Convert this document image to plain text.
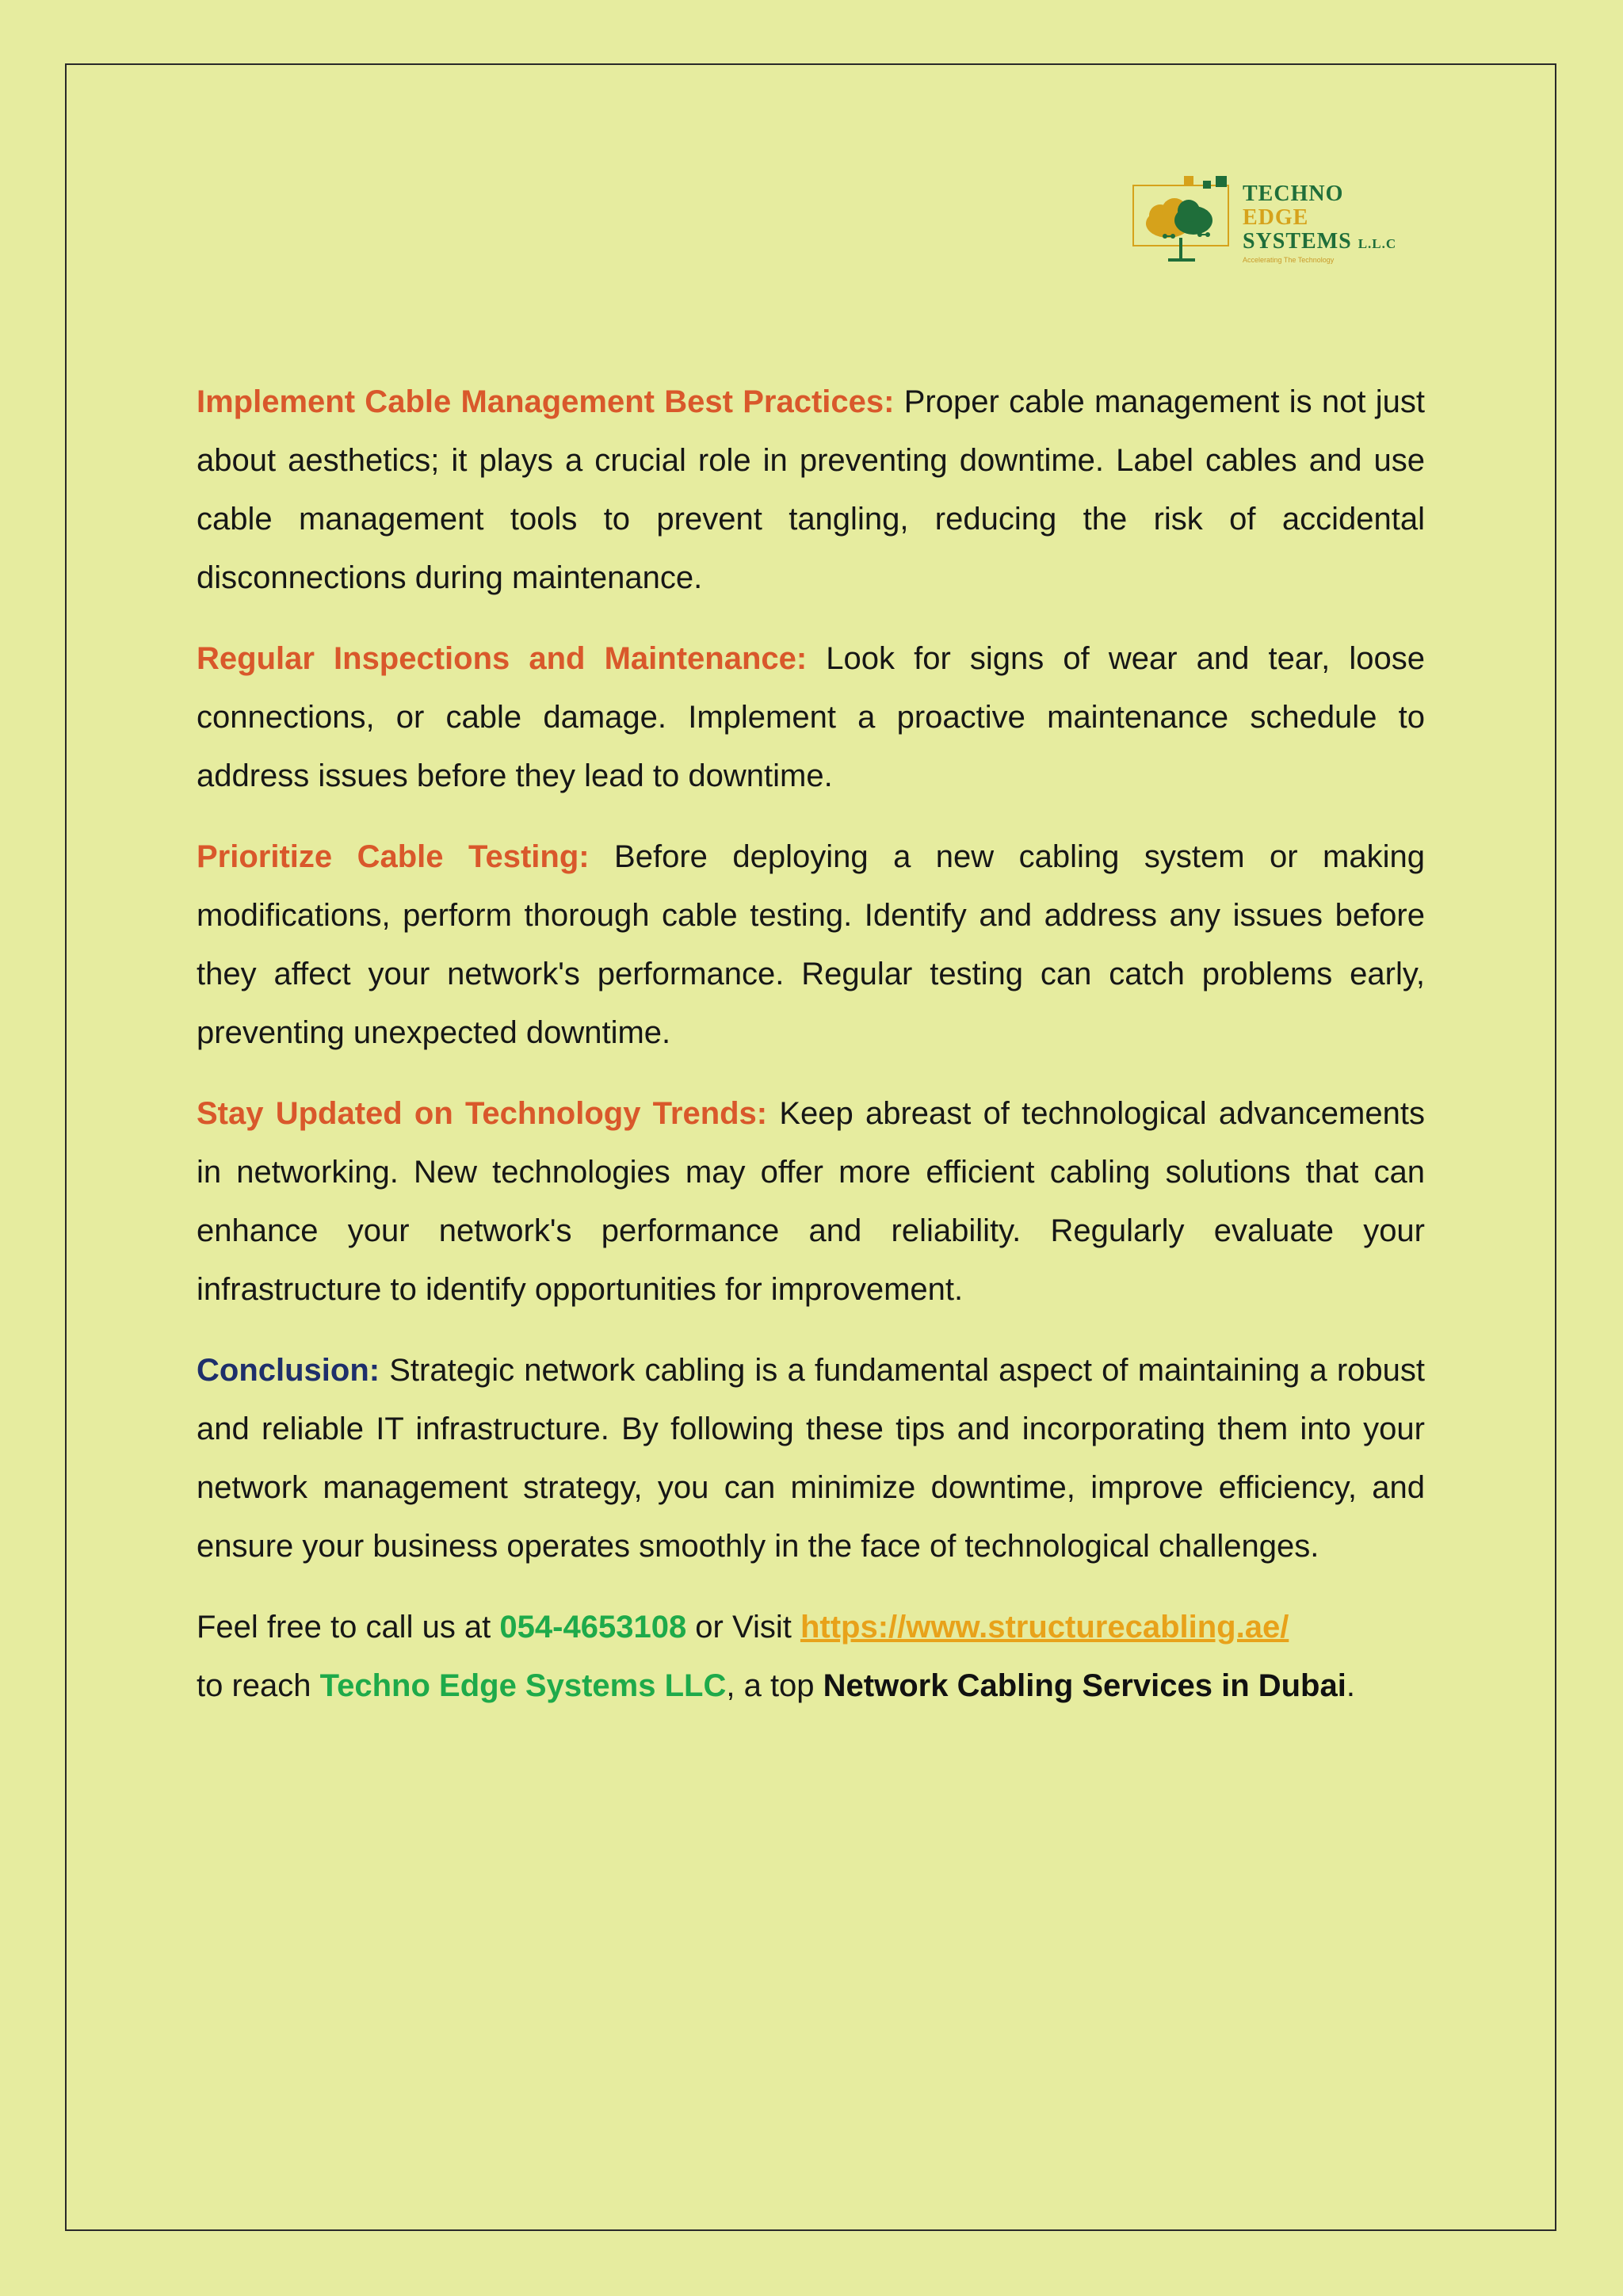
TECHNO
EDGE
SYSTEMS L.L.C
Accelerating The Technology

Implement Cable Management Best Practices: Proper cable management is not just about aesthetics; it plays a crucial role in preventing downtime. Label cables and use cable management tools to prevent tangling, reducing the risk of accidental disconnections during maintenance.

Regular Inspections and Maintenance: Look for signs of wear and tear, loose connections, or cable damage. Implement a proactive maintenance schedule to address issues before they lead to downtime.

Prioritize Cable Testing: Before deploying a new cabling system or making modifications, perform thorough cable testing. Identify and address any issues before they affect your network's performance. Regular testing can catch problems early, preventing unexpected downtime.

Stay Updated on Technology Trends: Keep abreast of technological advancements in networking. New technologies may offer more efficient cabling solutions that can enhance your network's performance and reliability. Regularly evaluate your infrastructure to identify opportunities for improvement.

Conclusion: Strategic network cabling is a fundamental aspect of maintaining a robust and reliable IT infrastructure. By following these tips and incorporating them into your network management strategy, you can minimize downtime, improve efficiency, and ensure your business operates smoothly in the face of technological challenges.

Feel free to call us at 054-4653108 or Visit https://www.structurecabling.ae/
to reach Techno Edge Systems LLC, a top Network Cabling Services in Dubai.
